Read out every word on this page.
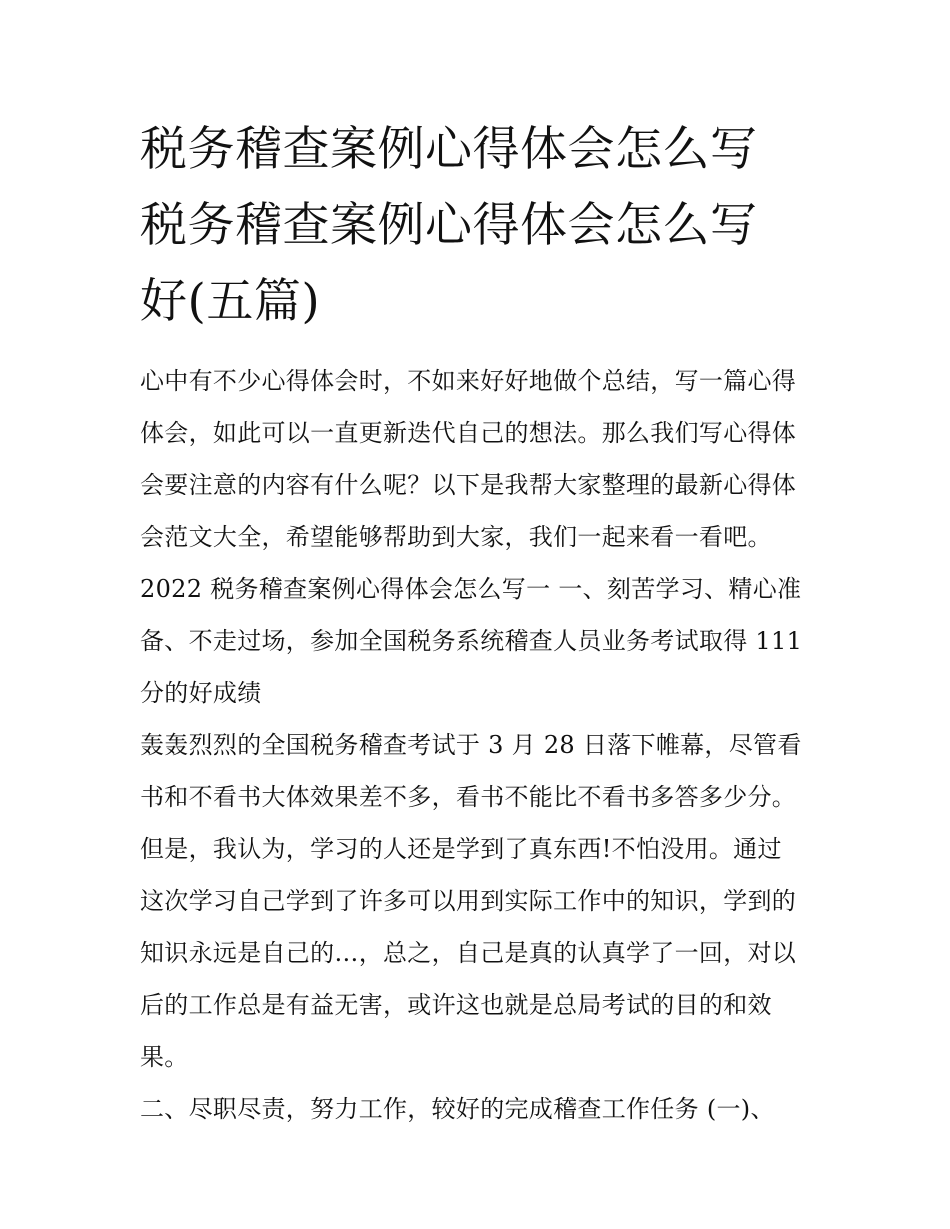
税务稽查案例心得体会怎么写
税务稽查案例心得体会怎么写
好(五篇)
心中有不少心得体会时，不如来好好地做个总结，写一篇心得
体会，如此可以一直更新迭代自己的想法。那么我们写心得体
会要注意的内容有什么呢？以下是我帮大家整理的最新心得体
会范文大全，希望能够帮助到大家，我们一起来看一看吧。
2022 税务稽查案例心得体会怎么写一 一、刻苦学习、精心准
备、不走过场，参加全国税务系统稽查人员业务考试取得 111
分的好成绩
轰轰烈烈的全国税务稽查考试于 3 月 28 日落下帷幕，尽管看
书和不看书大体效果差不多，看书不能比不看书多答多少分。
但是，我认为，学习的人还是学到了真东西!不怕没用。通过
这次学习自己学到了许多可以用到实际工作中的知识，学到的
知识永远是自己的…，总之，自己是真的认真学了一回，对以
后的工作总是有益无害，或许这也就是总局考试的目的和效
果。
二、尽职尽责，努力工作，较好的完成稽查工作任务 (一)、
